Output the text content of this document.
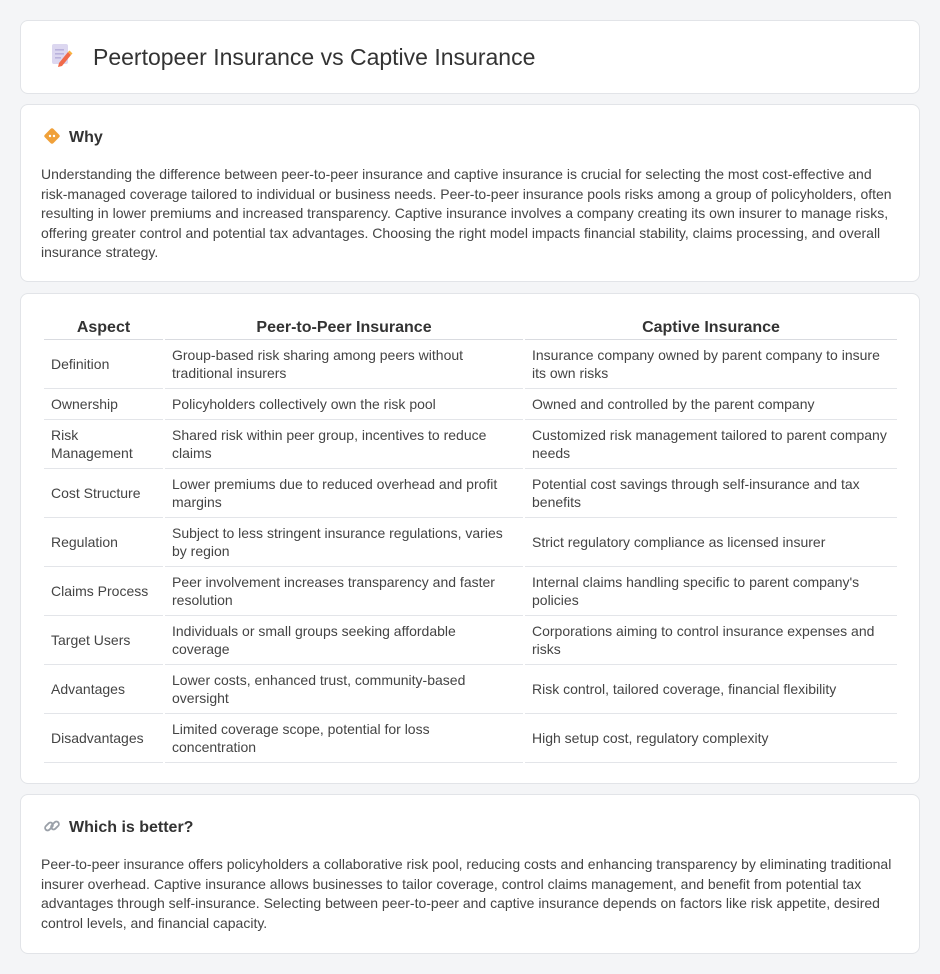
Peertopeer Insurance vs Captive Insurance
Why

Understanding the difference between peer-to-peer insurance and captive insurance is crucial for selecting the most cost-effective and risk-managed coverage tailored to individual or business needs. Peer-to-peer insurance pools risks among a group of policyholders, often resulting in lower premiums and increased transparency. Captive insurance involves a company creating its own insurer to manage risks, offering greater control and potential tax advantages. Choosing the right model impacts financial stability, claims processing, and overall insurance strategy.

Aspect	Peer-to-Peer Insurance	Captive Insurance
Definition	Group-based risk sharing among peers without traditional insurers	Insurance company owned by parent company to insure its own risks
Ownership	Policyholders collectively own the risk pool	Owned and controlled by the parent company
Risk Management	Shared risk within peer group, incentives to reduce claims	Customized risk management tailored to parent company needs
Cost Structure	Lower premiums due to reduced overhead and profit margins	Potential cost savings through self-insurance and tax benefits
Regulation	Subject to less stringent insurance regulations, varies by region	Strict regulatory compliance as licensed insurer
Claims Process	Peer involvement increases transparency and faster resolution	Internal claims handling specific to parent company's policies
Target Users	Individuals or small groups seeking affordable coverage	Corporations aiming to control insurance expenses and risks
Advantages	Lower costs, enhanced trust, community-based oversight	Risk control, tailored coverage, financial flexibility
Disadvantages	Limited coverage scope, potential for loss concentration	High setup cost, regulatory complexity
Which is better?

Peer-to-peer insurance offers policyholders a collaborative risk pool, reducing costs and enhancing transparency by eliminating traditional insurer overhead. Captive insurance allows businesses to tailor coverage, control claims management, and benefit from potential tax advantages through self-insurance. Selecting between peer-to-peer and captive insurance depends on factors like risk appetite, desired control levels, and financial capacity.
